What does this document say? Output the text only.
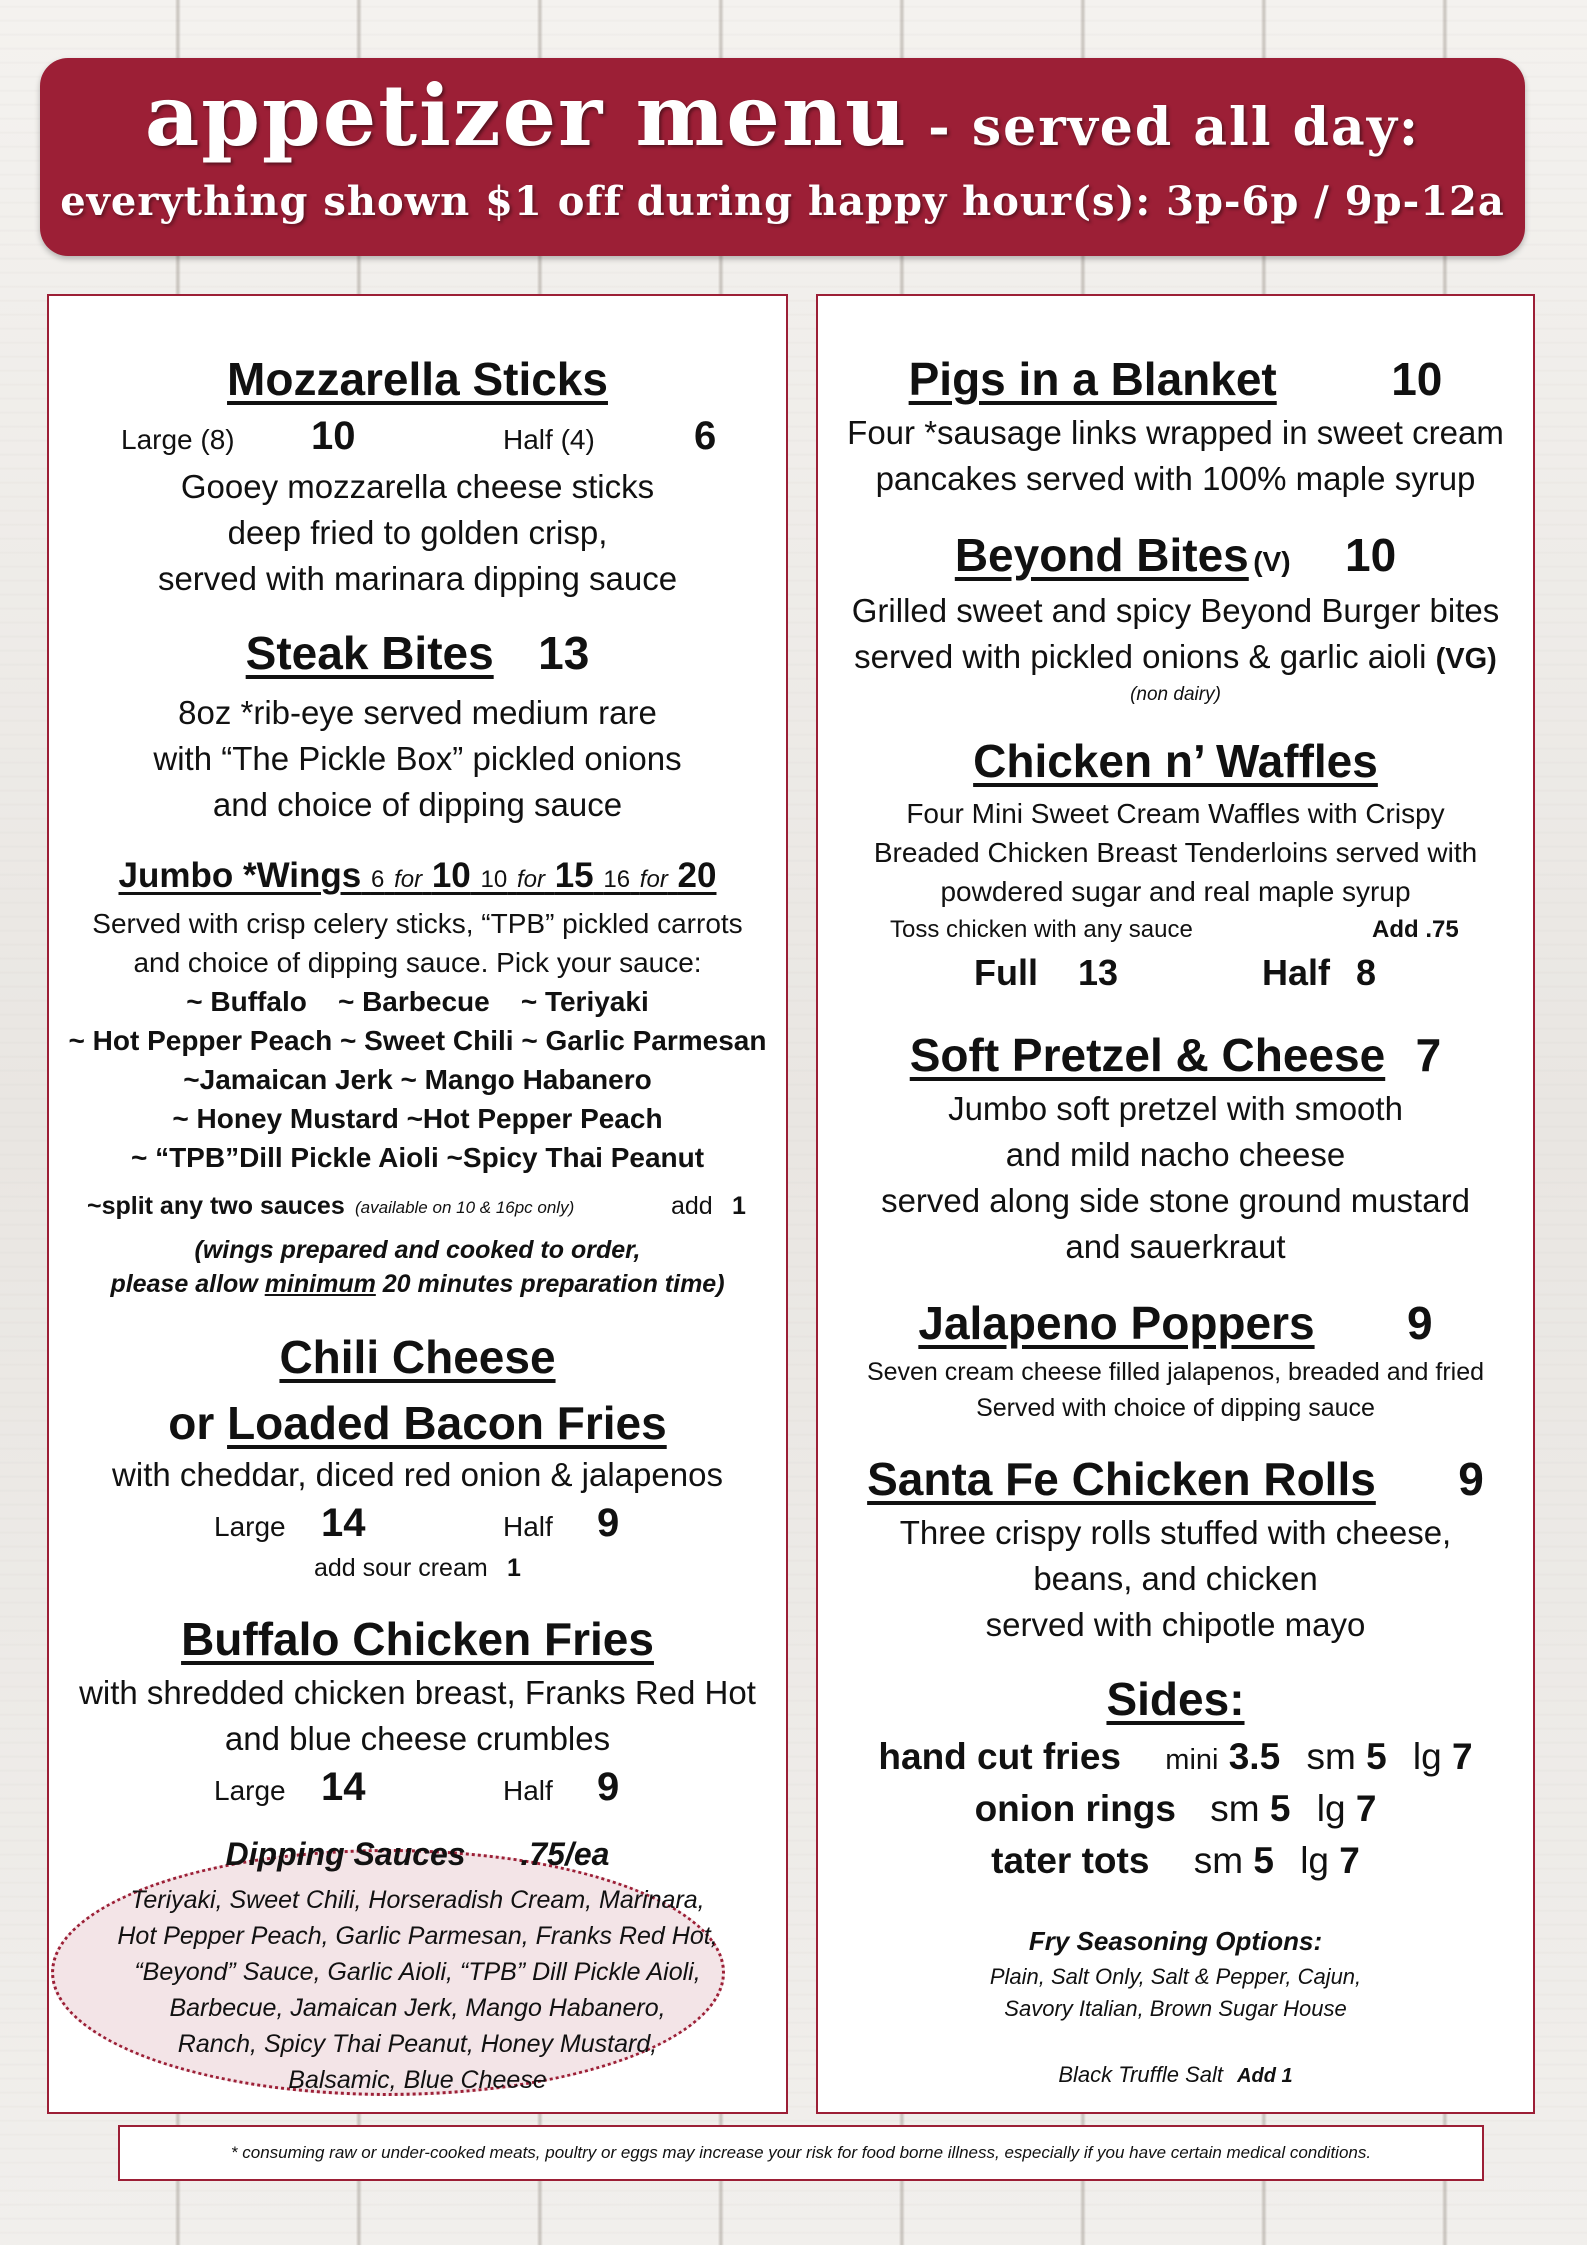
appetizer menu - served all day:
everything shown $1 off during happy hour(s): 3p-6p / 9p-12a
Mozzarella Sticks
Large (8) 10	Half (4) 6
Gooey mozzarella cheese sticks
deep fried to golden crisp,
served with marinara dipping sauce
Steak Bites 13
8oz *rib-eye served medium rare
with “The Pickle Box” pickled onions
and choice of dipping sauce
Jumbo *Wings 6 for 10 10 for 15 16 for 20
Served with crisp celery sticks, “TPB” pickled carrots
and choice of dipping sauce. Pick your sauce:
~ Buffalo    ~ Barbecue    ~ Teriyaki
~ Hot Pepper Peach ~ Sweet Chili ~ Garlic Parmesan
~Jamaican Jerk ~ Mango Habanero
~ Honey Mustard ~Hot Pepper Peach
~ “TPB”Dill Pickle Aioli ~Spicy Thai Peanut
~split any two sauces (available on 10 & 16pc only)	add 1
(wings prepared and cooked to order,
please allow minimum 20 minutes preparation time)
Chili Cheese
or Loaded Bacon Fries
with cheddar, diced red onion & jalapenos
Large 14	Half 9
add sour cream 1
Buffalo Chicken Fries
with shredded chicken breast, Franks Red Hot
and blue cheese crumbles
Large 14	Half 9
Dipping Sauces .75/ea
Teriyaki, Sweet Chili, Horseradish Cream, Marinara,
Hot Pepper Peach, Garlic Parmesan, Franks Red Hot,
“Beyond” Sauce, Garlic Aioli, “TPB” Dill Pickle Aioli,
Barbecue, Jamaican Jerk, Mango Habanero,
Ranch, Spicy Thai Peanut, Honey Mustard,
Balsamic, Blue Cheese
Pigs in a Blanket 10
Four *sausage links wrapped in sweet cream
pancakes served with 100% maple syrup
Beyond Bites (V) 10
Grilled sweet and spicy Beyond Burger bites
served with pickled onions & garlic aioli (VG)
(non dairy)
Chicken n’ Waffles
Four Mini Sweet Cream Waffles with Crispy
Breaded Chicken Breast Tenderloins served with
powdered sugar and real maple syrup
Toss chicken with any sauce	Add .75
Full 13	Half 8
Soft Pretzel & Cheese 7
Jumbo soft pretzel with smooth
and mild nacho cheese
served along side stone ground mustard
and sauerkraut
Jalapeno Poppers 9
Seven cream cheese filled jalapenos, breaded and fried
Served with choice of dipping sauce
Santa Fe Chicken Rolls 9
Three crispy rolls stuffed with cheese,
beans, and chicken
served with chipotle mayo
Sides:
hand cut fries mini 3.5 sm 5 lg 7
onion rings sm 5 lg 7
tater tots sm 5 lg 7
Fry Seasoning Options:
Plain, Salt Only, Salt & Pepper, Cajun,
Savory Italian, Brown Sugar House
Black Truffle Salt Add 1
* consuming raw or under-cooked meats, poultry or eggs may increase your risk for food borne illness, especially if you have certain medical conditions.
